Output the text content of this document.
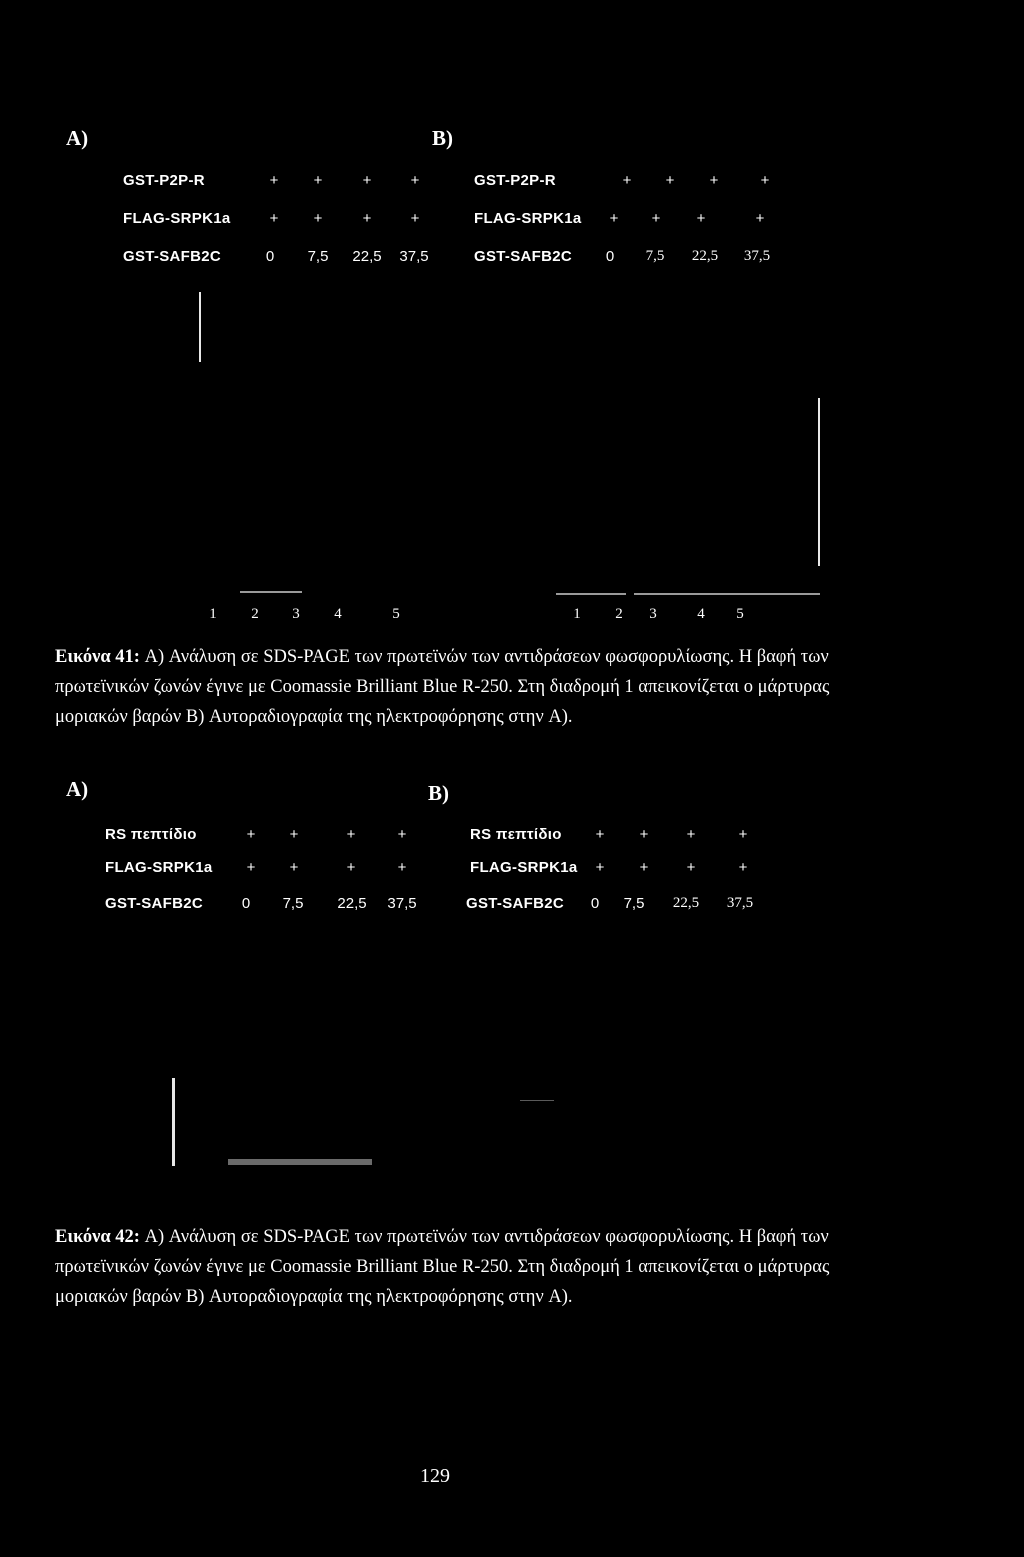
A)	B)
GST-P2P-R	+	+	+	+
FLAG-SRPK1a	+	+	+	+
GST-SAFB2C	0	7,5	22,5	37,5
GST-P2P-R	+	+	+	+
FLAG-SRPK1a	+	+	+	+
GST-SAFB2C	0	7,5	22,5	37,5
1	2	3	4	5	1	2	3	4	5
Εικόνα 41: A) Ανάλυση σε SDS-PAGE των πρωτεϊνών των αντιδράσεων φωσφορυλίωσης. Η βαφή των πρωτεϊνικών ζωνών έγινε με Coomassie Brilliant Blue R-250. Στη διαδρομή 1 απεικονίζεται ο μάρτυρας μοριακών βαρών B) Αυτοραδιογραφία της ηλεκτροφόρησης στην A).
A)	B)
RS πεπτίδιο	+	+	+	+
FLAG-SRPK1a	+	+	+	+
GST-SAFB2C	0	7,5	22,5	37,5
RS πεπτίδιο	+	+	+	+
FLAG-SRPK1a	+	+	+	+
GST-SAFB2C	0	7,5	22,5	37,5
Εικόνα 42: A) Ανάλυση σε SDS-PAGE των πρωτεϊνών των αντιδράσεων φωσφορυλίωσης. Η βαφή των πρωτεϊνικών ζωνών έγινε με Coomassie Brilliant Blue R-250. Στη διαδρομή 1 απεικονίζεται ο μάρτυρας μοριακών βαρών B) Αυτοραδιογραφία της ηλεκτροφόρησης στην A).
129
